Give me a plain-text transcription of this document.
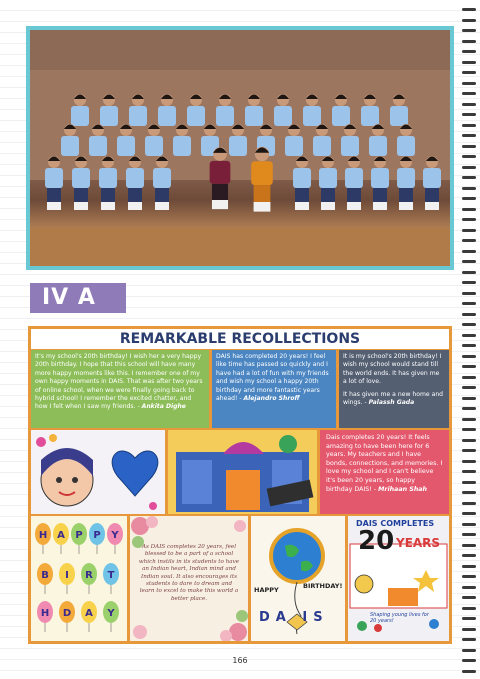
IV A
REMARKABLE RECOLLECTIONS
It's my school's 20th birthday! I wish her a very happy 20th birthday. I hope that this school will have many more happy moments like this. I remember one of my own happy moments in DAIS. That was after two years of online school, when we were finally going back to hybrid school! I remember the excited chatter, and how I felt when I saw my friends. - Ankita Dighe
DAIS has completed 20 years! I feel like time has passed so quickly and I have had a lot of fun with my friends and wish my school a happy 20th birthday and more fantastic years ahead! - Alejandro Shroff
It is my school's 20th birthday! I wish my school would stand till the world ends. It has given me a lot of love.
It has given me a new home and wings. - Palassh Gada
Dais completes 20 years! It feels amazing to have been here for 6 years. My teachers and I have bonds, connections, and memories. I love my school and I can't believe it's been 20 years, so happy birthday DAIS! - Mrihaan Shah
H A P P Y
B I R T
H D A Y
As DAIS completes 20 years, feel blessed to be a part of a school which instils in its students to have an Indian heart, Indian mind and Indian soul. It also encourages its students to dare to dream and learn to excel to make this world a better place.
HAPPY	BIRTHDAY!
DA IS
DAIS COMPLETES
20 YEARS
Shaping young lives for 20 years!
166
